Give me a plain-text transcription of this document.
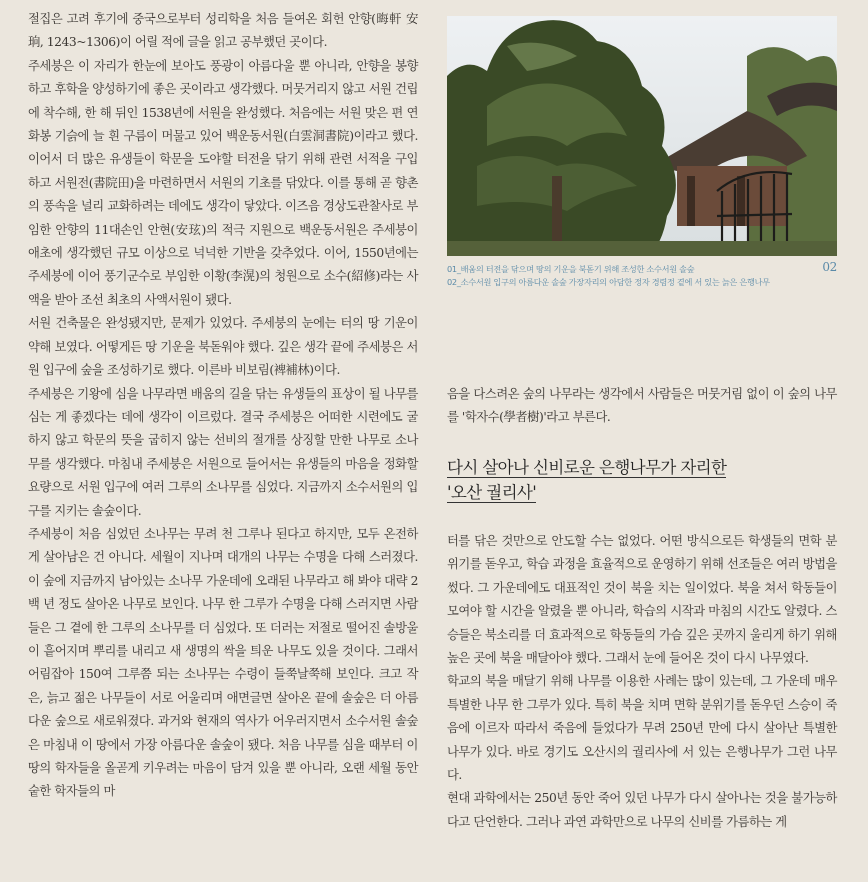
절집은 고려 후기에 중국으로부터 성리학을 처음 들여온 회헌 안향(晦軒 安珦, 1243~1306)이 어릴 적에 글을 읽고 공부했던 곳이다.

주세붕은 이 자리가 한눈에 보아도 풍광이 아름다울 뿐 아니라, 안향을 봉향하고 후학을 양성하기에 좋은 곳이라고 생각했다. 머뭇거리지 않고 서원 건립에 착수해, 한 해 뒤인 1538년에 서원을 완성했다. 처음에는 서원 맞은 편 연화봉 기슭에 늘 흰 구름이 머물고 있어 백운동서원(白雲洞書院)이라고 했다. 이어서 더 많은 유생들이 학문을 도야할 터전을 닦기 위해 관련 서적을 구입하고 서원전(書院田)을 마련하면서 서원의 기초를 닦았다. 이를 통해 곧 향촌의 풍속을 널리 교화하려는 데에도 생각이 닿았다. 이즈음 경상도관찰사로 부임한 안향의 11대손인 안현(安玹)의 적극 지원으로 백운동서원은 주세붕이 애초에 생각했던 규모 이상으로 넉넉한 기반을 갖추었다. 이어, 1550년에는 주세붕에 이어 풍기군수로 부임한 이황(李滉)의 청원으로 소수(紹修)라는 사액을 받아 조선 최초의 사액서원이 됐다.

서원 건축물은 완성됐지만, 문제가 있었다. 주세붕의 눈에는 터의 땅 기운이 약해 보였다. 어떻게든 땅 기운을 북돋워야 했다. 깊은 생각 끝에 주세붕은 서원 입구에 숲을 조성하기로 했다. 이른바 비보림(裨補林)이다.

주세붕은 기왕에 심을 나무라면 배움의 길을 닦는 유생들의 표상이 될 나무를 심는 게 좋겠다는 데에 생각이 이르렀다. 결국 주세붕은 어떠한 시련에도 굴하지 않고 학문의 뜻을 굽히지 않는 선비의 절개를 상징할 만한 나무로 소나무를 생각했다. 마침내 주세붕은 서원으로 들어서는 유생들의 마음을 정화할 요량으로 서원 입구에 여러 그루의 소나무를 심었다. 지금까지 소수서원의 입구를 지키는 솔숲이다.

주세붕이 처음 심었던 소나무는 무려 천 그루나 된다고 하지만, 모두 온전하게 살아남은 건 아니다. 세월이 지나며 대개의 나무는 수명을 다해 스러졌다. 이 숲에 지금까지 남아있는 소나무 가운데에 오래된 나무라고 해 봐야 대략 2백 년 정도 살아온 나무로 보인다. 나무 한 그루가 수명을 다해 스러지면 사람들은 그 곁에 한 그루의 소나무를 더 심었다. 또 더러는 저절로 떨어진 솔방울이 흩어지며 뿌리를 내리고 새 생명의 싹을 틔운 나무도 있을 것이다. 그래서 어림잡아 150여 그루쯤 되는 소나무는 수령이 들쭉날쭉해 보인다. 크고 작은, 늙고 젊은 나무들이 서로 어울리며 애면글면 살아온 끝에 솔숲은 더 아름다운 숲으로 새로워졌다. 과거와 현재의 역사가 어우러지면서 소수서원 솔숲은 마침내 이 땅에서 가장 아름다운 솔숲이 됐다. 처음 나무를 심을 때부터 이 땅의 학자들을 올곧게 키우려는 마음이 담겨 있을 뿐 아니라, 오랜 세월 동안 숱한 학자들의 마

01_배움의 터전을 닦으며 땅의 기운을 북돋기 위해 조성한 소수서원 솔숲
02_소수서원 입구의 아름다운 솔숲 가장자리의 아담한 정자 경렴정 곁에 서 있는 늙은 은행나무
02

음을 다스려온 숲의 나무라는 생각에서 사람들은 머뭇거림 없이 이 숲의 나무를 '학자수(學者樹)'라고 부른다.

다시 살아나 신비로운 은행나무가 자리한
'오산 궐리사'

터를 닦은 것만으로 안도할 수는 없었다. 어떤 방식으로든 학생들의 면학 분위기를 돋우고, 학습 과정을 효율적으로 운영하기 위해 선조들은 여러 방법을 썼다. 그 가운데에도 대표적인 것이 북을 치는 일이었다. 북을 쳐서 학동들이 모여야 할 시간을 알렸을 뿐 아니라, 학습의 시작과 마침의 시간도 알렸다. 스승들은 북소리를 더 효과적으로 학동들의 가슴 깊은 곳까지 울리게 하기 위해 높은 곳에 북을 매달아야 했다. 그래서 눈에 들어온 것이 다시 나무였다.

학교의 북을 매달기 위해 나무를 이용한 사례는 많이 있는데, 그 가운데 매우 특별한 나무 한 그루가 있다. 특히 북을 치며 면학 분위기를 돋우던 스승이 죽음에 이르자 따라서 죽음에 들었다가 무려 250년 만에 다시 살아난 특별한 나무가 있다. 바로 경기도 오산시의 궐리사에 서 있는 은행나무가 그런 나무다.

현대 과학에서는 250년 동안 죽어 있던 나무가 다시 살아나는 것을 불가능하다고 단언한다. 그러나 과연 과학만으로 나무의 신비를 가름하는 게
